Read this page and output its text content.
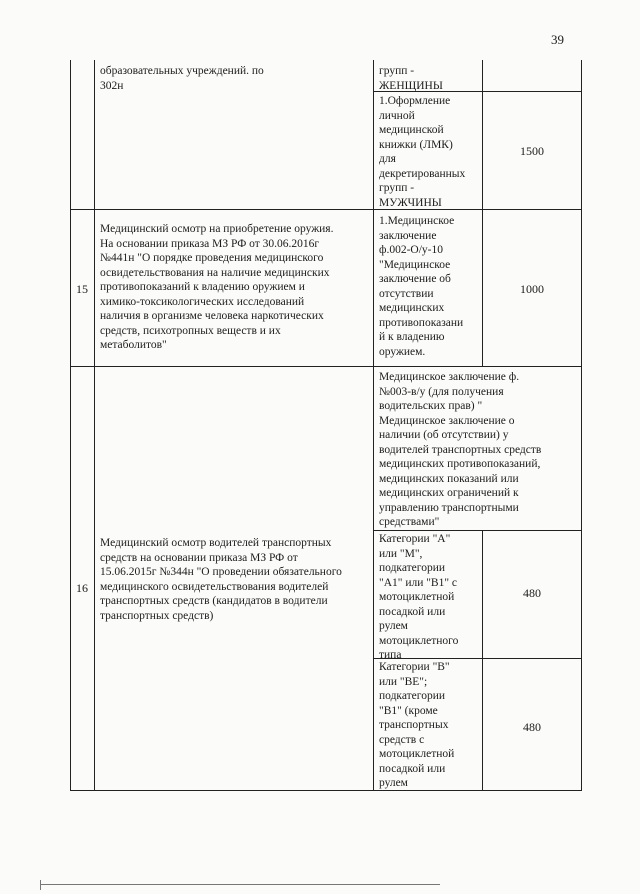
39
образовательных учреждений. по
302н
групп -
ЖЕНЩИНЫ
1.Оформление
личной
медицинской
книжки (ЛМК)
для
декретированных
групп -
МУЖЧИНЫ
1500
15
Медицинский осмотр на приобретение оружия.
На основании приказа МЗ РФ от 30.06.2016г
№441н "О порядке проведения медицинского
освидетельствования на наличие медицинских
противопоказаний к владению оружием и
химико-токсикологических исследований
наличия в организме человека наркотических
средств, психотропных веществ и их
метаболитов"
1.Медицинское
заключение
ф.002-О/у-10
"Медицинское
заключение об
отсутствии
медицинских
противопоказани
й к владению
оружием.
1000
16
Медицинский осмотр водителей транспортных
средств на основании приказа МЗ РФ от
15.06.2015г №344н "О проведении обязательного
медицинского освидетельствования водителей
транспортных средств (кандидатов в водители
транспортных средств)
Медицинское заключение ф.
№003-в/у (для получения
водительских прав) "
Медицинское заключение о
наличии (об отсутствии) у
водителей транспортных средств
медицинских противопоказаний,
медицинских показаний или
медицинских ограничений к
управлению транспортными
средствами"
Категории "А"
или "М",
подкатегории
"А1" или "В1" с
мотоциклетной
посадкой или
рулем
мотоциклетного
типа
480
Категории "В"
или "ВЕ";
подкатегории
"В1" (кроме
транспортных
средств с
мотоциклетной
посадкой или
рулем
480
